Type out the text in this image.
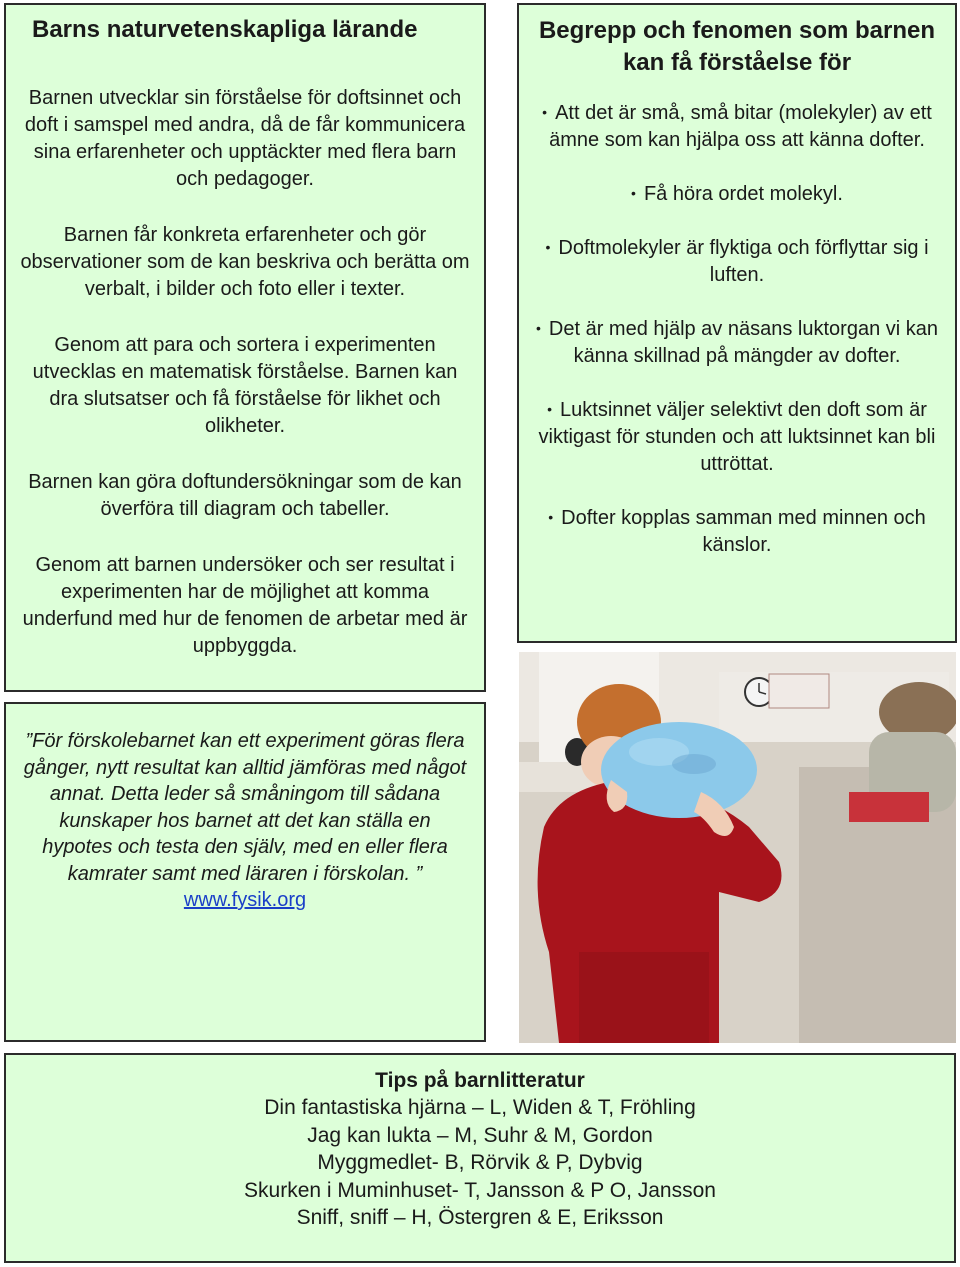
Barns naturvetenskapliga lärande

Barnen utvecklar sin förståelse för doftsinnet och doft i samspel med andra, då de får kommunicera sina erfarenheter och upptäckter med flera barn och pedagoger.

Barnen får konkreta erfarenheter och gör observationer som de kan beskriva och berätta om verbalt, i bilder och foto eller i texter.

Genom att para och sortera i experimenten utvecklas en matematisk förståelse. Barnen kan dra slutsatser och få förståelse för likhet och olikheter.

Barnen kan göra doftundersökningar som de kan överföra till diagram och tabeller.

Genom att barnen undersöker och ser resultat i experimenten har de möjlighet att komma underfund med hur de fenomen de arbetar med är uppbyggda.

Begrepp och fenomen som barnen kan få förståelse för
• Att det är små, små bitar (molekyler) av ett ämne som kan hjälpa oss att känna dofter.
• Få höra ordet molekyl.
• Doftmolekyler är flyktiga och förflyttar sig i luften.
• Det är med hjälp av näsans luktorgan vi kan känna skillnad på mängder av dofter.
• Luktsinnet väljer selektivt den doft som är viktigast för stunden och att luktsinnet kan bli uttröttat.
• Dofter kopplas samman med minnen och känslor.

”För förskolebarnet kan ett experiment göras flera gånger, nytt resultat kan alltid jämföras med något annat. Detta leder så småningom till sådana kunskaper hos barnet att det kan ställa en hypotes och testa den själv, med en eller flera kamrater samt med läraren i förskolan. ”

www.fysik.org

Tips på barnlitteratur

Din fantastiska hjärna – L, Widen & T, Fröhling

Jag kan lukta – M, Suhr & M, Gordon

Myggmedlet- B, Rörvik & P, Dybvig

Skurken i Muminhuset- T, Jansson & P O, Jansson

Sniff, sniff – H, Östergren & E, Eriksson
